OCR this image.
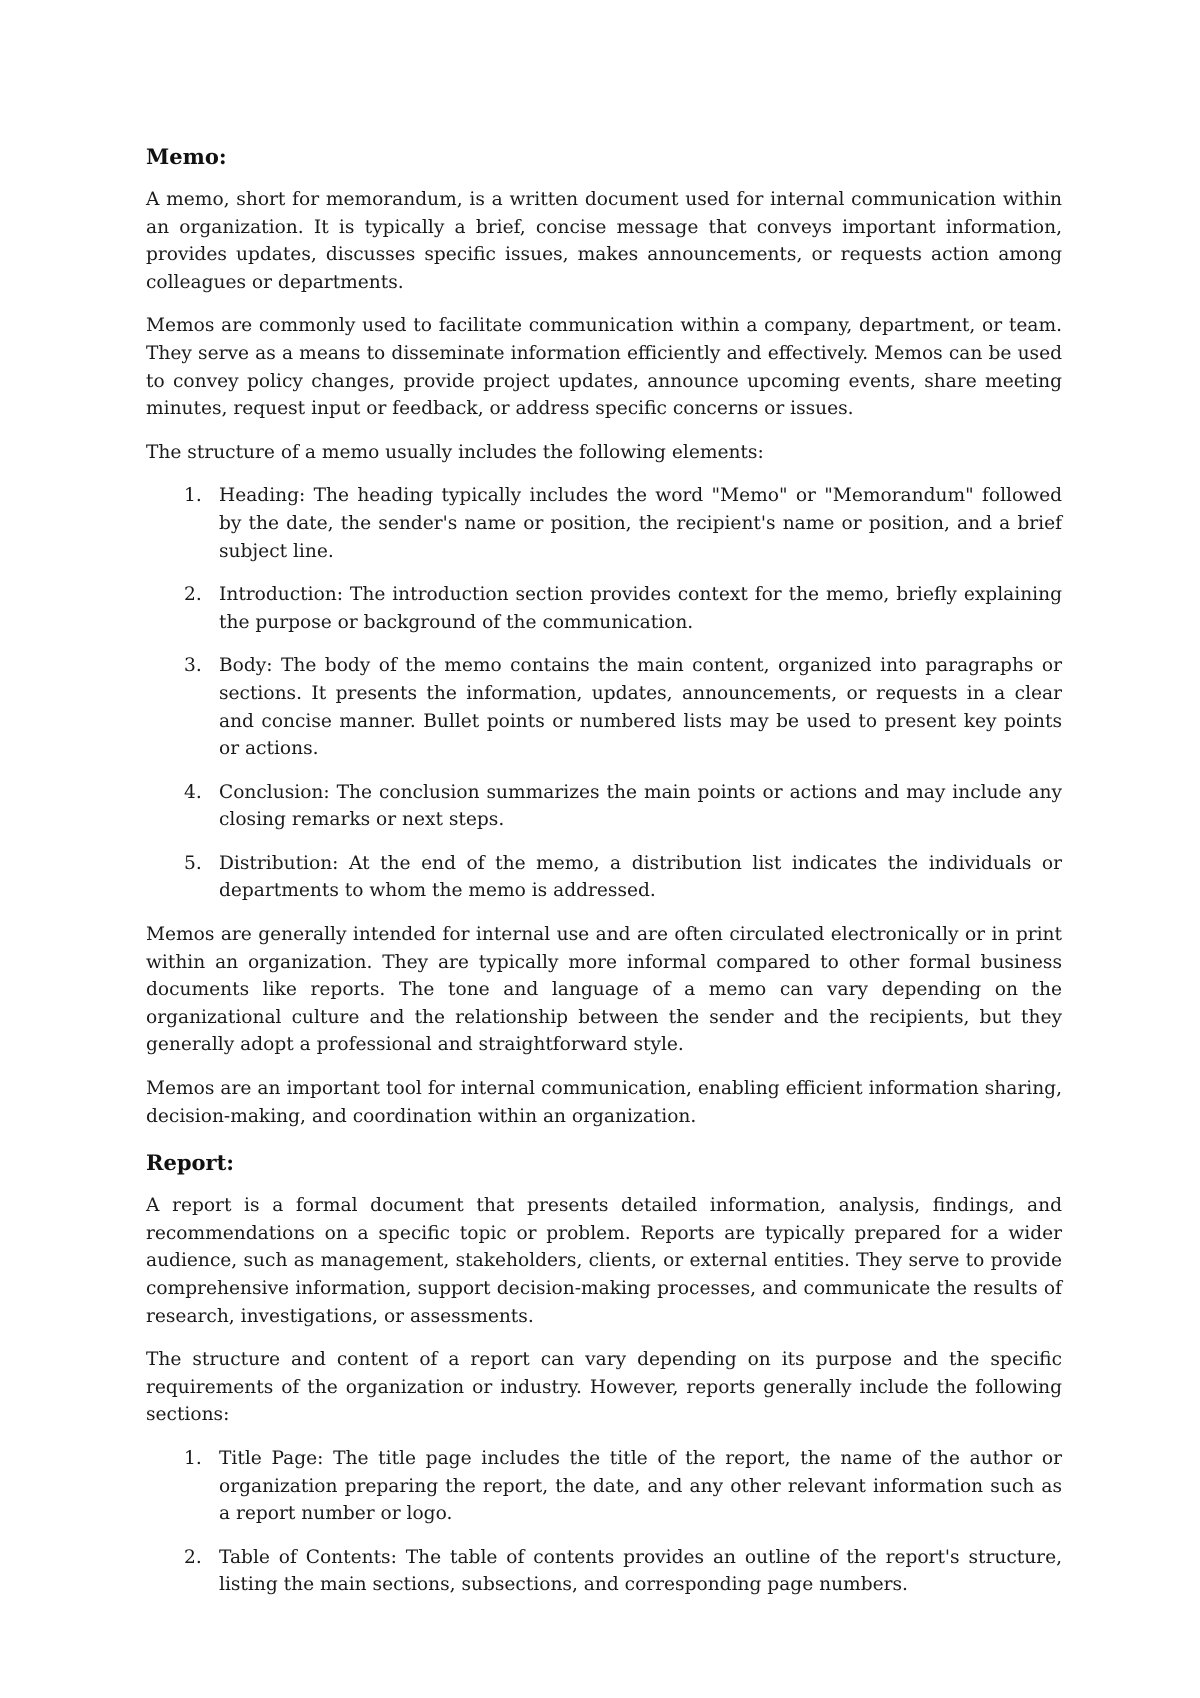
Memo:

A memo, short for memorandum, is a written document used for internal communication within an organization. It is typically a brief, concise message that conveys important information, provides updates, discusses specific issues, makes announcements, or requests action among colleagues or departments.

Memos are commonly used to facilitate communication within a company, department, or team. They serve as a means to disseminate information efficiently and effectively. Memos can be used to convey policy changes, provide project updates, announce upcoming events, share meeting minutes, request input or feedback, or address specific concerns or issues.

The structure of a memo usually includes the following elements:

1. Heading: The heading typically includes the word "Memo" or "Memorandum" followed by the date, the sender's name or position, the recipient's name or position, and a brief subject line.
2. Introduction: The introduction section provides context for the memo, briefly explaining the purpose or background of the communication.
3. Body: The body of the memo contains the main content, organized into paragraphs or sections. It presents the information, updates, announcements, or requests in a clear and concise manner. Bullet points or numbered lists may be used to present key points or actions.
4. Conclusion: The conclusion summarizes the main points or actions and may include any closing remarks or next steps.
5. Distribution: At the end of the memo, a distribution list indicates the individuals or departments to whom the memo is addressed.

Memos are generally intended for internal use and are often circulated electronically or in print within an organization. They are typically more informal compared to other formal business documents like reports. The tone and language of a memo can vary depending on the organizational culture and the relationship between the sender and the recipients, but they generally adopt a professional and straightforward style.

Memos are an important tool for internal communication, enabling efficient information sharing, decision-making, and coordination within an organization.

Report:

A report is a formal document that presents detailed information, analysis, findings, and recommendations on a specific topic or problem. Reports are typically prepared for a wider audience, such as management, stakeholders, clients, or external entities. They serve to provide comprehensive information, support decision-making processes, and communicate the results of research, investigations, or assessments.

The structure and content of a report can vary depending on its purpose and the specific requirements of the organization or industry. However, reports generally include the following sections:

1. Title Page: The title page includes the title of the report, the name of the author or organization preparing the report, the date, and any other relevant information such as a report number or logo.
2. Table of Contents: The table of contents provides an outline of the report's structure, listing the main sections, subsections, and corresponding page numbers.
